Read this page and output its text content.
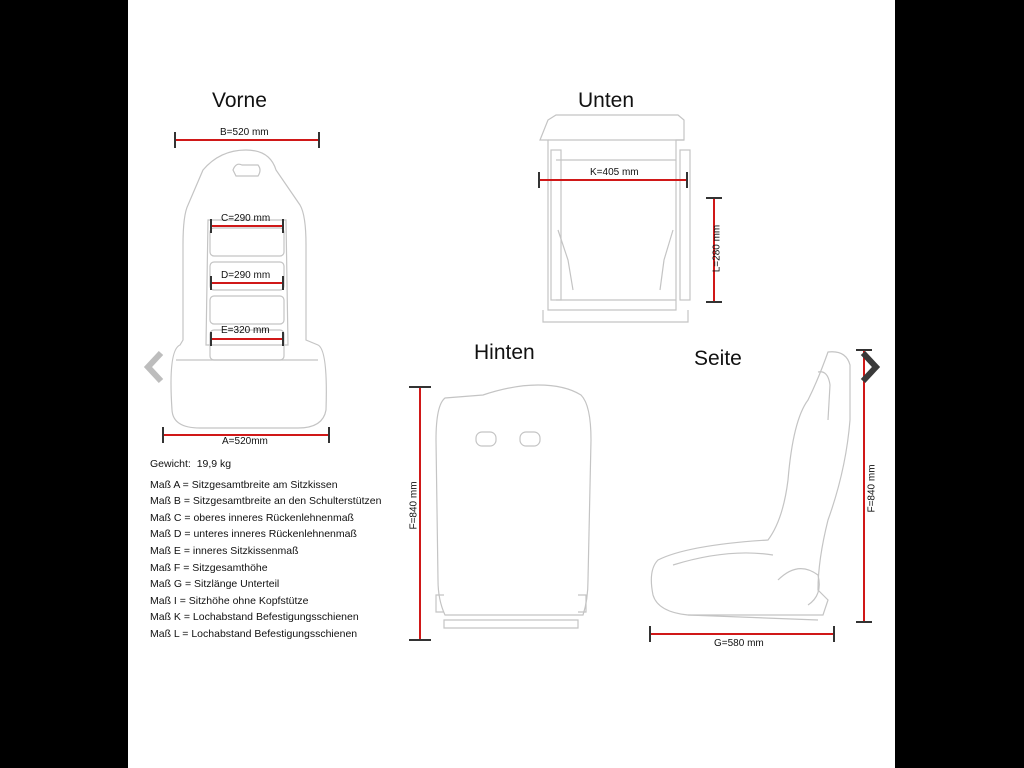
Vorne	Unten
Hinten	Seite
B=520 mm
C=290 mm
D=290 mm
E=320 mm
A=520mm
K=405 mm
L=280 mm
F=840 mm	F=840 mm
G=580 mm
Gewicht: 19,9 kg
Maß A = Sitzgesamtbreite am Sitzkissen
Maß B = Sitzgesamtbreite an den Schulterstützen
Maß C = oberes inneres Rückenlehnenmaß
Maß D = unteres inneres Rückenlehnenmaß
Maß E = inneres Sitzkissenmaß
Maß F = Sitzgesamthöhe
Maß G = Sitzlänge Unterteil
Maß I = Sitzhöhe ohne Kopfstütze
Maß K = Lochabstand Befestigungsschienen
Maß L = Lochabstand Befestigungsschienen
